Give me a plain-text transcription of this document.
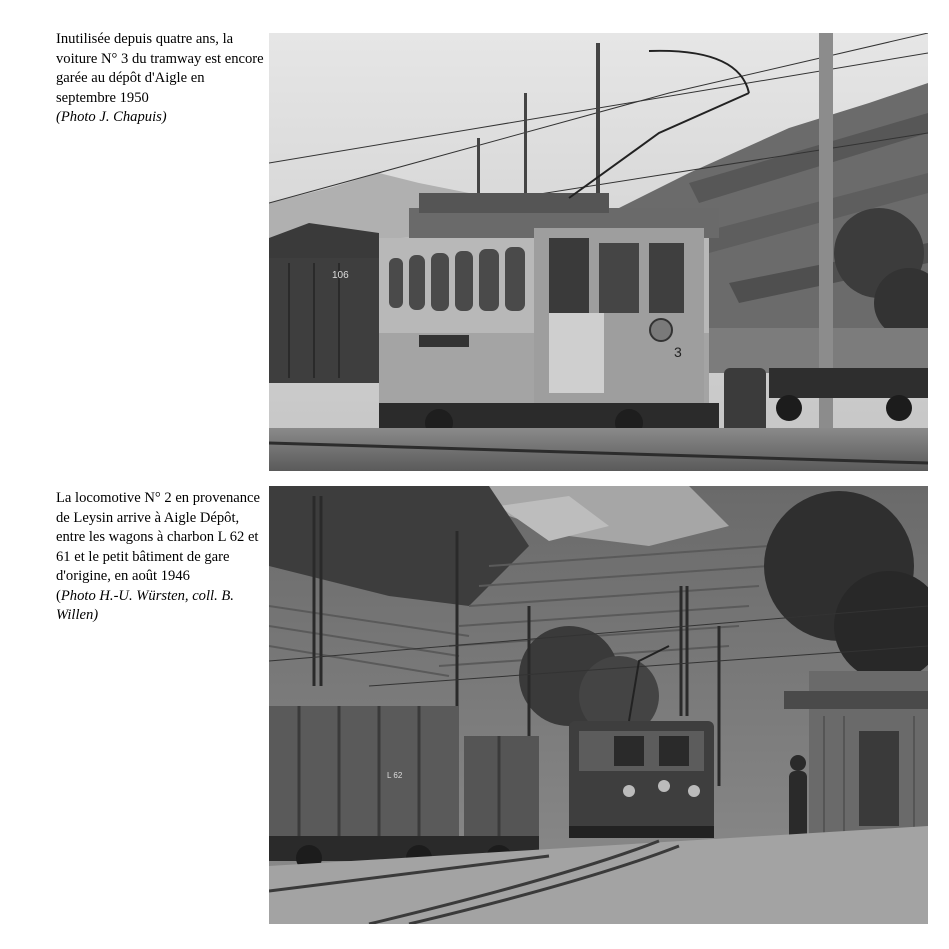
Inutilisée depuis quatre ans, la voiture N° 3 du tramway est encore garée au dépôt d'Aigle en septembre 1950
(Photo J. Chapuis)
106
3
La locomotive N° 2 en provenance de Leysin arrive à Aigle Dépôt, entre les wagons à charbon L 62 et 61 et le petit bâtiment de gare d'origine, en août 1946
(Photo H.-U. Würsten, coll. B. Willen)
L 62
